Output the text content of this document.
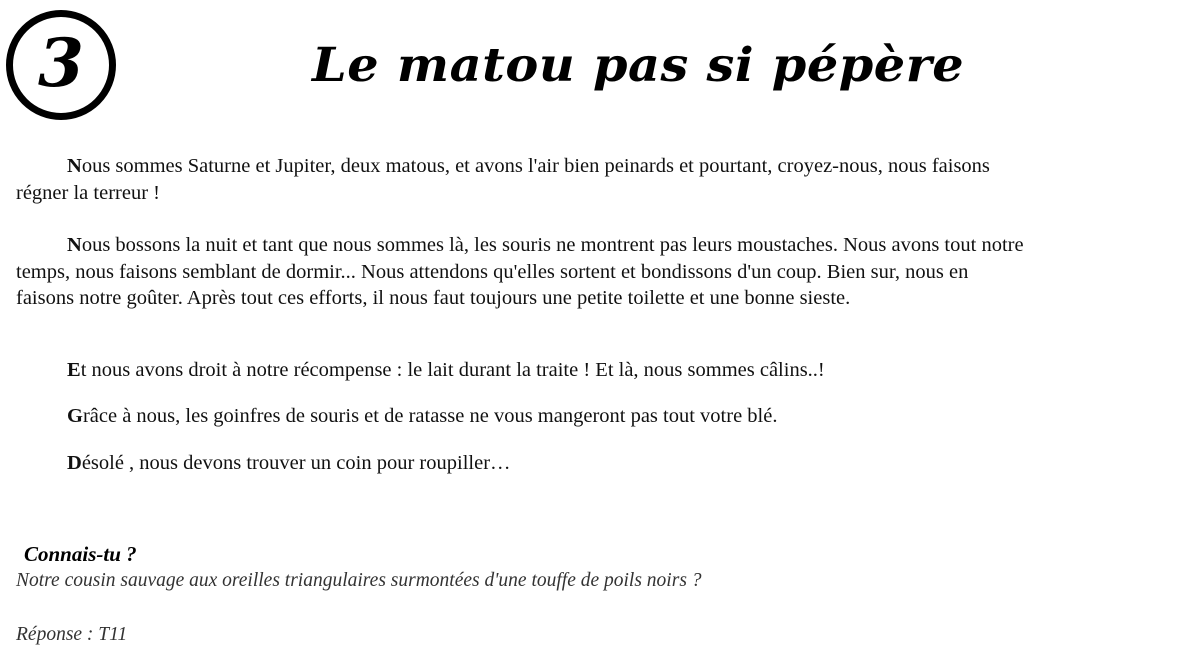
3	Le matou pas si pépère

Nous sommes Saturne et Jupiter, deux matous, et avons l'air bien peinards et pourtant, croyez-nous, nous faisons régner la terreur !

Nous bossons la nuit et tant que nous sommes là, les souris ne montrent pas leurs moustaches. Nous avons tout notre temps, nous faisons semblant de dormir... Nous attendons qu'elles sortent et bondissons d'un coup. Bien sur, nous en faisons notre goûter. Après tout ces efforts, il nous faut toujours une petite toilette et une bonne sieste.

Et nous avons droit à notre récompense : le lait durant la traite ! Et là, nous sommes câlins..!

Grâce à nous, les goinfres de souris et de ratasse ne vous mangeront pas tout votre blé.

Désolé , nous devons trouver un coin pour roupiller…

Connais-tu ?
Notre cousin sauvage aux oreilles triangulaires surmontées d'une touffe de poils noirs ?
Réponse : T11
